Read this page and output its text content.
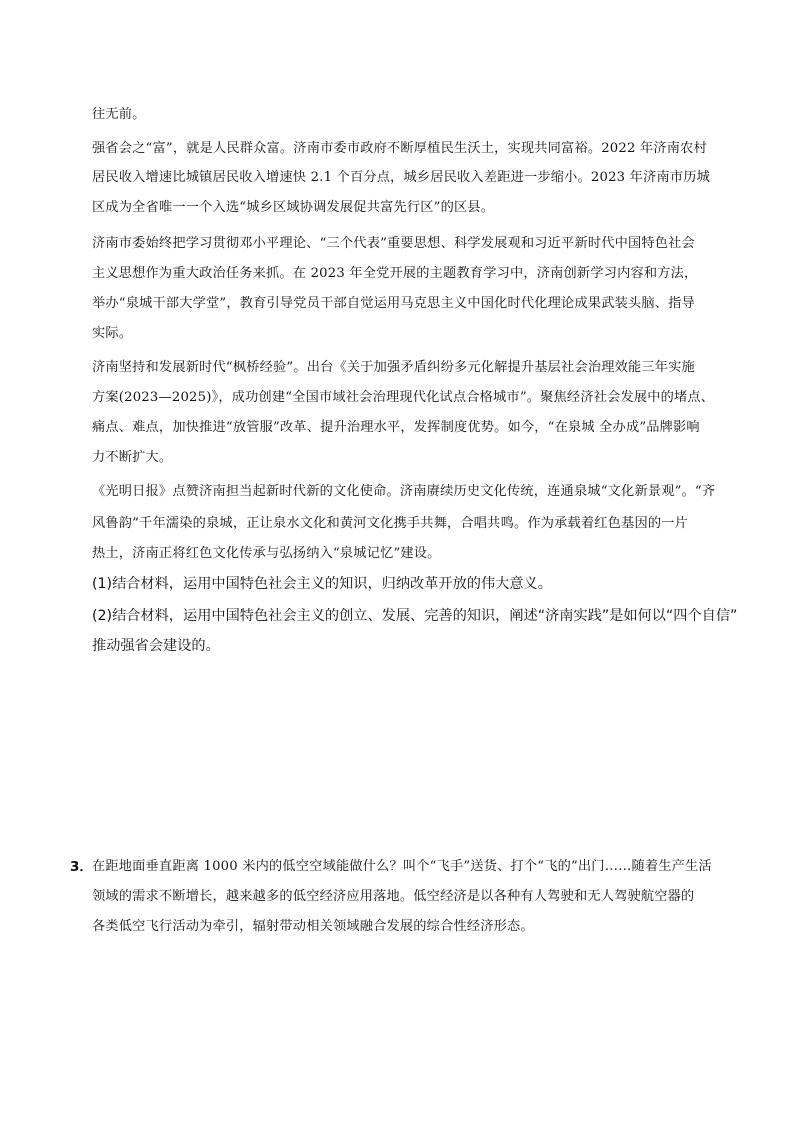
往无前。
强省会之“富”，就是人民群众富。济南市委市政府不断厚植民生沃土，实现共同富裕。2022 年济南农村
居民收入增速比城镇居民收入增速快 2.1 个百分点，城乡居民收入差距进一步缩小。2023 年济南市历城
区成为全省唯一一个入选“城乡区域协调发展促共富先行区”的区县。
济南市委始终把学习贯彻邓小平理论、“三个代表”重要思想、科学发展观和习近平新时代中国特色社会
主义思想作为重大政治任务来抓。在 2023 年全党开展的主题教育学习中，济南创新学习内容和方法，
举办“泉城干部大学堂”，教育引导党员干部自觉运用马克思主义中国化时代化理论成果武装头脑、指导
实际。
济南坚持和发展新时代“枫桥经验”。出台《关于加强矛盾纠纷多元化解提升基层社会治理效能三年实施
方案(2023—2025)》，成功创建“全国市域社会治理现代化试点合格城市”。聚焦经济社会发展中的堵点、
痛点、难点，加快推进“放管服”改革、提升治理水平，发挥制度优势。如今，“在泉城 全办成”品牌影响
力不断扩大。
《光明日报》点赞济南担当起新时代新的文化使命。济南赓续历史文化传统，连通泉城“文化新景观”。“齐
风鲁韵”千年濡染的泉城，正让泉水文化和黄河文化携手共舞，合唱共鸣。作为承载着红色基因的一片
热土，济南正将红色文化传承与弘扬纳入“泉城记忆”建设。
(1)结合材料，运用中国特色社会主义的知识，归纳改革开放的伟大意义。
(2)结合材料，运用中国特色社会主义的创立、发展、完善的知识，阐述“济南实践”是如何以“四个自信”
推动强省会建设的。
3． 在距地面垂直距离 1000 米内的低空空域能做什么？叫个“飞手”送货、打个“飞的”出门……随着生产生活
领域的需求不断增长，越来越多的低空经济应用落地。低空经济是以各种有人驾驶和无人驾驶航空器的
各类低空飞行活动为牵引，辐射带动相关领域融合发展的综合性经济形态。
